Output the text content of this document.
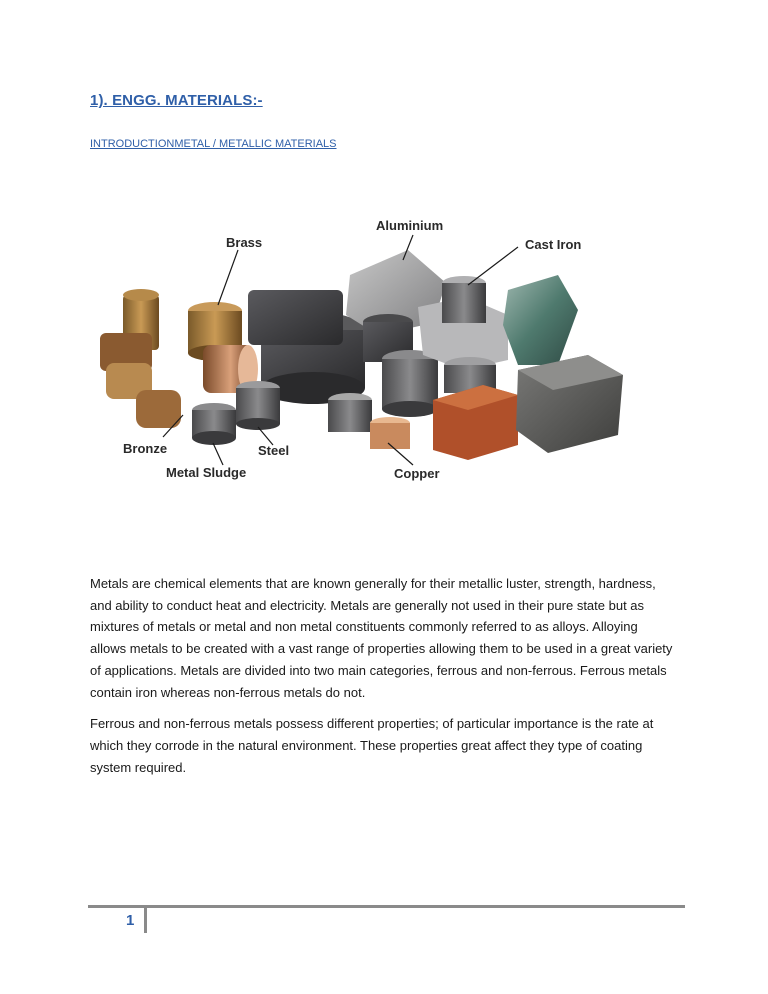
1). ENGG. MATERIALS:-
INTRODUCTIONMETAL / METALLIC MATERIALS
Brass
Aluminium
Cast Iron
Bronze	Steel
Metal Sludge	Copper

Metals are chemical elements that are known generally for their metallic luster, strength, hardness, and ability to conduct heat and electricity. Metals are generally not used in their pure state but as mixtures of metals or metal and non metal constituents commonly referred to as alloys. Alloying allows metals to be created with a vast range of properties allowing them to be used in a great variety of applications. Metals are divided into two main categories, ferrous and non-ferrous. Ferrous metals contain iron whereas non-ferrous metals do not.

Ferrous and non-ferrous metals possess different properties; of particular importance is the rate at which they corrode in the natural environment. These properties great affect they type of coating system required.

1
